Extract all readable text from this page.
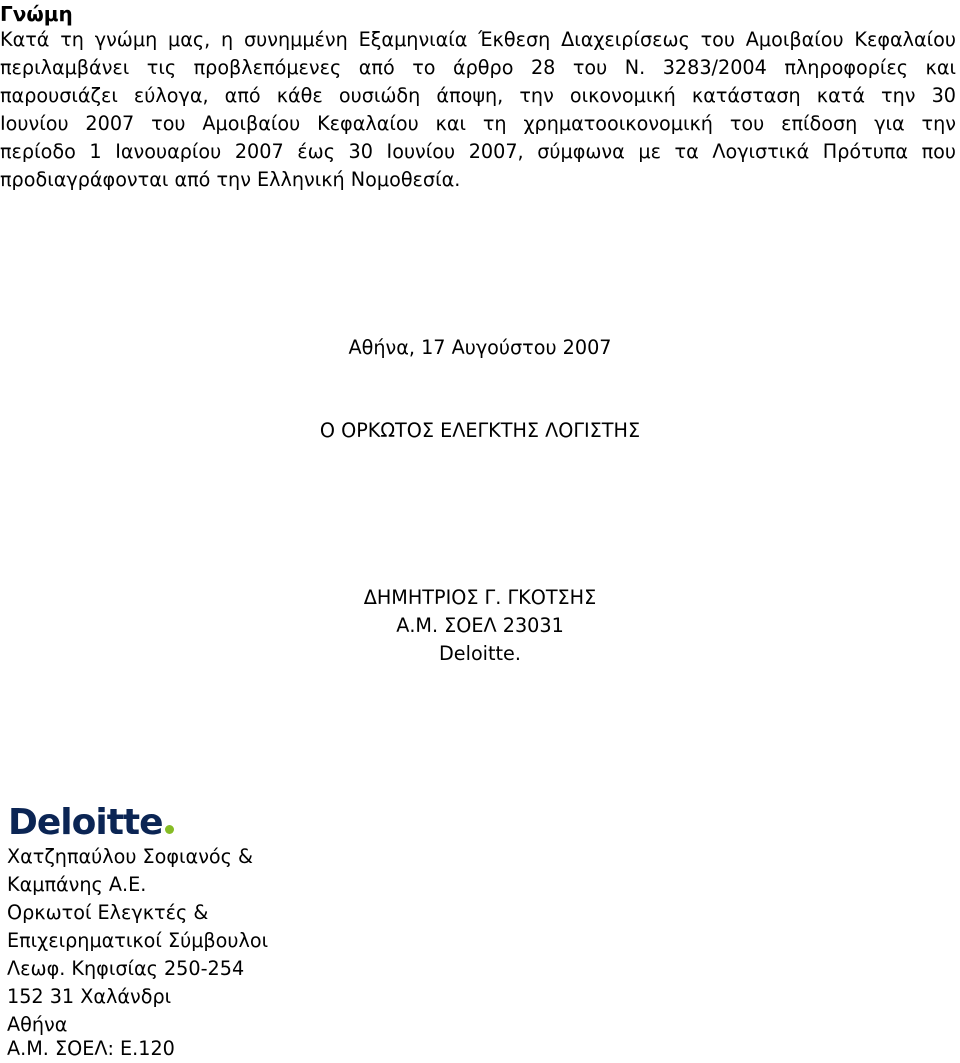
Γνώμη
Κατά τη γνώμη μας, η συνημμένη Εξαμηνιαία Έκθεση Διαχειρίσεως του Αμοιβαίου Κεφαλαίου
περιλαμβάνει τις προβλεπόμενες από το άρθρο 28 του Ν. 3283/2004 πληροφορίες και
παρουσιάζει εύλογα, από κάθε ουσιώδη άποψη, την οικονομική κατάσταση κατά την 30
Ιουνίου 2007 του Αμοιβαίου Κεφαλαίου και τη χρηματοοικονομική του επίδοση για την
περίοδο 1 Ιανουαρίου 2007 έως 30 Ιουνίου 2007, σύμφωνα με τα Λογιστικά Πρότυπα που
προδιαγράφονται από την Ελληνική Νομοθεσία.
Αθήνα, 17 Αυγούστου 2007
Ο ΟΡΚΩΤΟΣ ΕΛΕΓΚΤΗΣ ΛΟΓΙΣΤΗΣ
ΔΗΜΗΤΡΙΟΣ Γ. ΓΚΟΤΣΗΣ
Α.Μ. ΣΟΕΛ 23031
Deloitte.
Deloitte
Χατζηπαύλου Σοφιανός &
Καμπάνης Α.Ε.
Ορκωτοί Ελεγκτές &
Επιχειρηματικοί Σύμβουλοι
Λεωφ. Κηφισίας 250-254
152 31 Χαλάνδρι
Αθήνα
Α.Μ. ΣΟΕΛ: Ε.120
